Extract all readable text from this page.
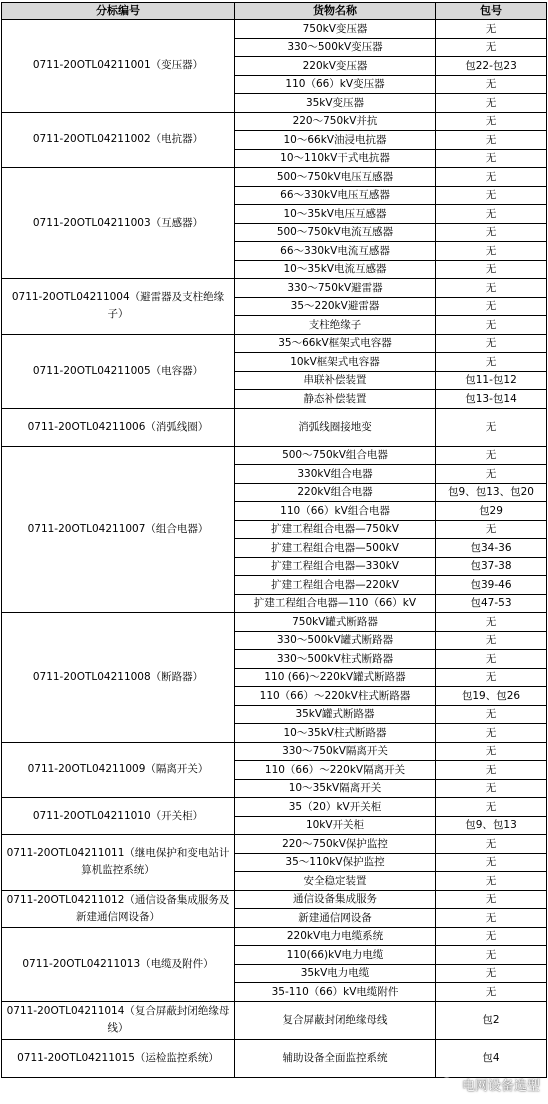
分标编号	货物名称	包号
0711-20OTL04211001（变压器）	750kV变压器	无
	330～500kV变压器	无
	220kV变压器	包22-包23
	110（66）kV变压器	无
	35kV变压器	无
0711-20OTL04211002（电抗器）	220～750kV并抗	无
	10～66kV油浸电抗器	无
	10～110kV干式电抗器	无
0711-20OTL04211003（互感器）	500～750kV电压互感器	无
	66～330kV电压互感器	无
	10～35kV电压互感器	无
	500～750kV电流互感器	无
	66～330kV电流互感器	无
	10～35kV电流互感器	无
0711-20OTL04211004（避雷器及支柱绝缘子）	330～750kV避雷器	无
	35～220kV避雷器	无
	支柱绝缘子	无
0711-20OTL04211005（电容器）	35～66kV框架式电容器	无
	10kV框架式电容器	无
	串联补偿装置	包11-包12
	静态补偿装置	包13-包14
0711-20OTL04211006（消弧线圈）	消弧线圈接地变	无
0711-20OTL04211007（组合电器）	500～750kV组合电器	无
	330kV组合电器	无
	220kV组合电器	包9、包13、包20
	110（66）kV组合电器	包29
	扩建工程组合电器—750kV	无
	扩建工程组合电器—500kV	包34-36
	扩建工程组合电器—330kV	包37-38
	扩建工程组合电器—220kV	包39-46
	扩建工程组合电器—110（66）kV	包47-53
0711-20OTL04211008（断路器）	750kV罐式断路器	无
	330～500kV罐式断路器	无
	330～500kV柱式断路器	无
	110 (66)～220kV罐式断路器	无
	110（66）～220kV柱式断路器	包19、包26
	35kV罐式断路器	无
	10～35kV柱式断路器	无
0711-20OTL04211009（隔离开关）	330～750kV隔离开关	无
	110（66）～220kV隔离开关	无
	10～35kV隔离开关	无
0711-20OTL04211010（开关柜）	35（20）kV开关柜	无
	10kV开关柜	包9、包13
0711-20OTL04211011（继电保护和变电站计算机监控系统）	220～750kV保护监控	无
	35～110kV保护监控	无
	安全稳定装置	无
0711-20OTL04211012（通信设备集成服务及新建通信网设备）	通信设备集成服务	无
	新建通信网设备	无
0711-20OTL04211013（电缆及附件）	220kV电力电缆系统	无
	110(66)kV电力电缆	无
	35kV电力电缆	无
	35-110（66）kV电缆附件	无
0711-20OTL04211014（复合屏蔽封闭绝缘母线）	复合屏蔽封闭绝缘母线	包2
0711-20OTL04211015（运检监控系统）	辅助设备全面监控系统	包4
电网设备选型
